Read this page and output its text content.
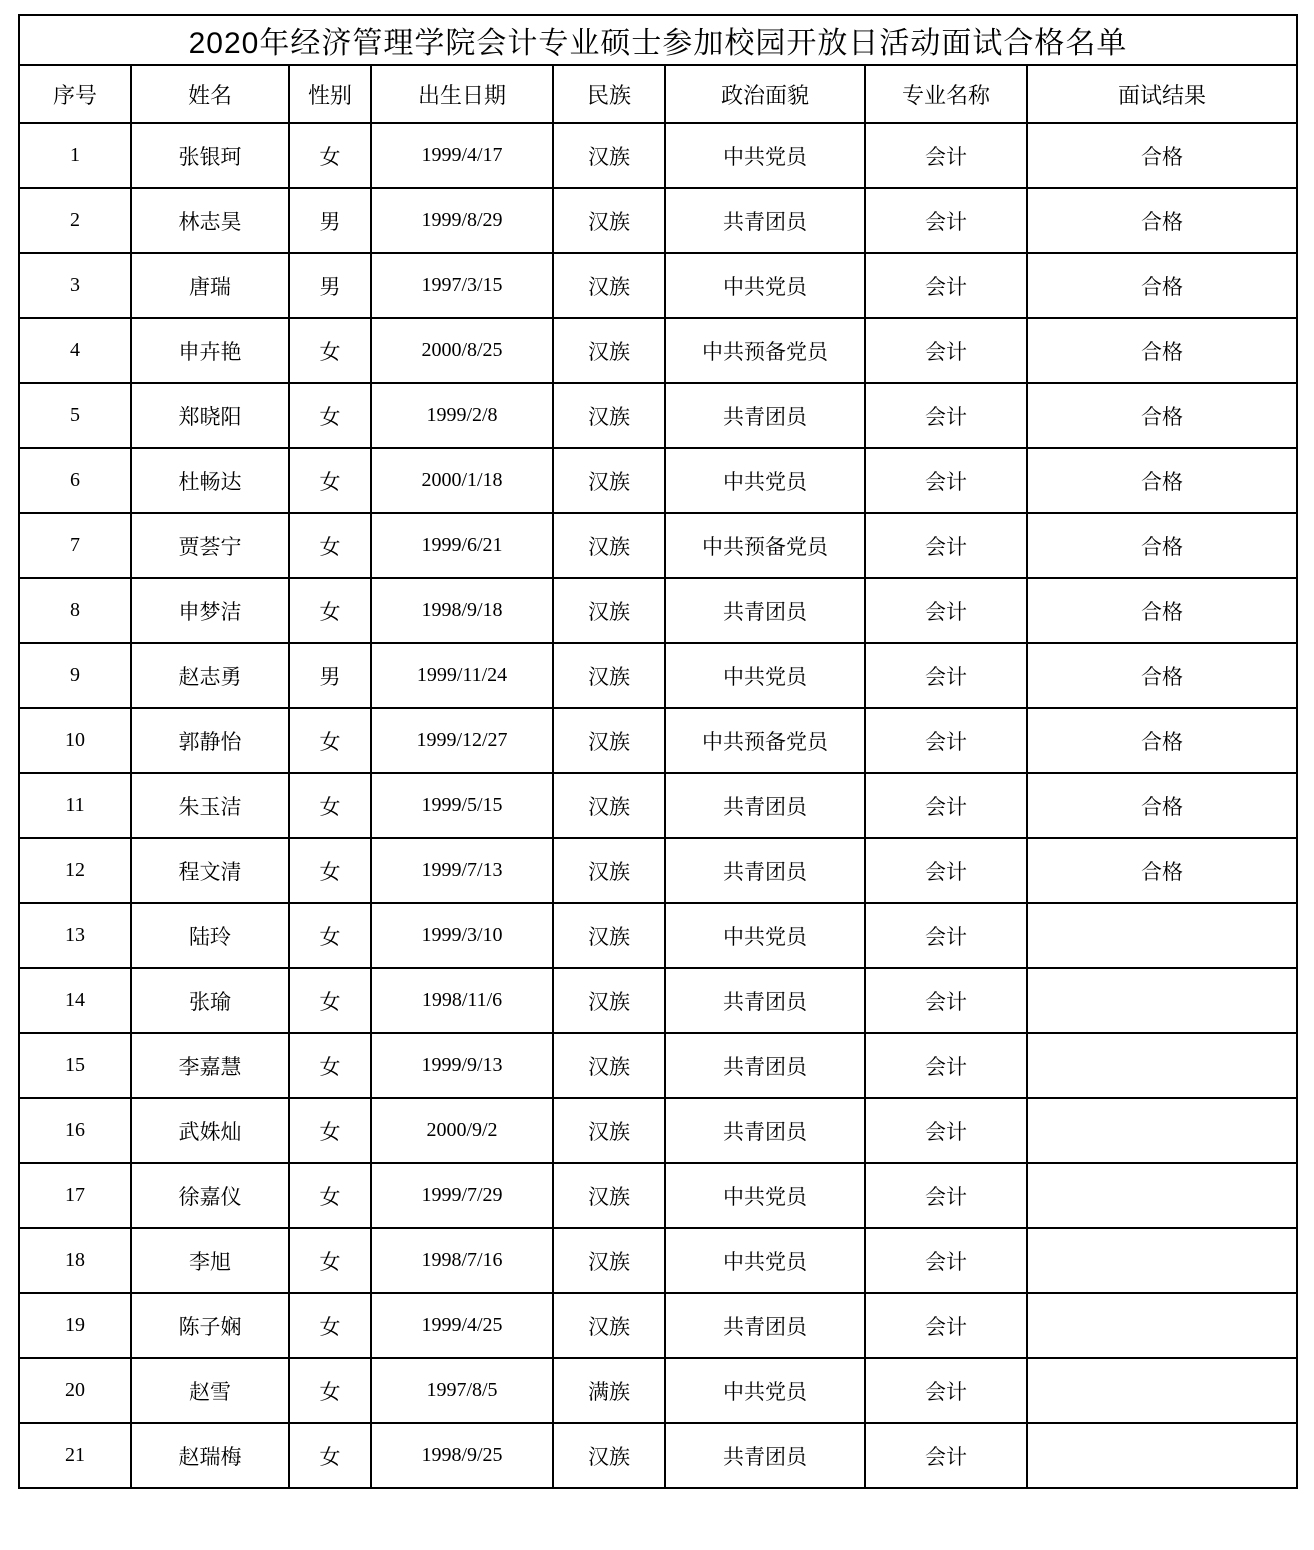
2020年经济管理学院会计专业硕士参加校园开放日活动面试合格名单							
序号	姓名	性别	出生日期	民族	政治面貌	专业名称	面试结果
1	张银珂	女	1999/4/17	汉族	中共党员	会计	合格
2	林志昊	男	1999/8/29	汉族	共青团员	会计	合格
3	唐瑞	男	1997/3/15	汉族	中共党员	会计	合格
4	申卉艳	女	2000/8/25	汉族	中共预备党员	会计	合格
5	郑晓阳	女	1999/2/8	汉族	共青团员	会计	合格
6	杜畅达	女	2000/1/18	汉族	中共党员	会计	合格
7	贾荟宁	女	1999/6/21	汉族	中共预备党员	会计	合格
8	申梦洁	女	1998/9/18	汉族	共青团员	会计	合格
9	赵志勇	男	1999/11/24	汉族	中共党员	会计	合格
10	郭静怡	女	1999/12/27	汉族	中共预备党员	会计	合格
11	朱玉洁	女	1999/5/15	汉族	共青团员	会计	合格
12	程文清	女	1999/7/13	汉族	共青团员	会计	合格
13	陆玲	女	1999/3/10	汉族	中共党员	会计	
14	张瑜	女	1998/11/6	汉族	共青团员	会计	
15	李嘉慧	女	1999/9/13	汉族	共青团员	会计	
16	武姝灿	女	2000/9/2	汉族	共青团员	会计	
17	徐嘉仪	女	1999/7/29	汉族	中共党员	会计	
18	李旭	女	1998/7/16	汉族	中共党员	会计	
19	陈子娴	女	1999/4/25	汉族	共青团员	会计	
20	赵雪	女	1997/8/5	满族	中共党员	会计	
21	赵瑞梅	女	1998/9/25	汉族	共青团员	会计	
